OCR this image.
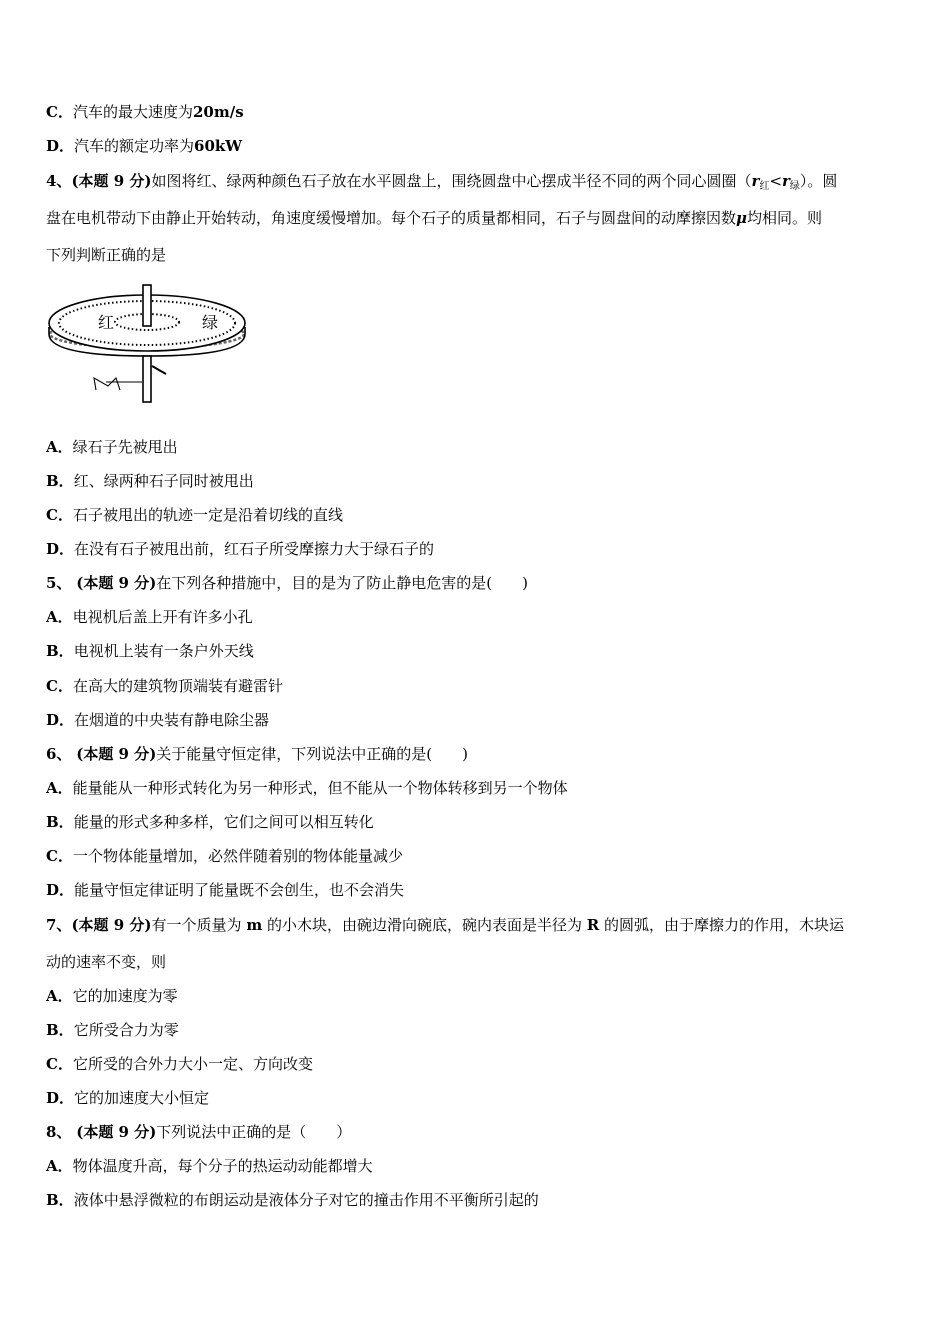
C．汽车的最大速度为20m/s
D．汽车的额定功率为60kW
4、(本题 9 分)如图将红、绿两种颜色石子放在水平圆盘上，围绕圆盘中心摆成半径不同的两个同心圆圈$(r_红<r_绿)$。圆
盘在电机带动下由静止开始转动，角速度缓慢增加。每个石子的质量都相同，石子与圆盘间的动摩擦因数μ均相同。则
下列判断正确的是
红	绿
A．绿石子先被甩出
B．红、绿两种石子同时被甩出
C．石子被甩出的轨迹一定是沿着切线的直线
D．在没有石子被甩出前，红石子所受摩擦力大于绿石子的
5、 (本题 9 分)在下列各种措施中，目的是为了防止静电危害的是(　　)
A．电视机后盖上开有许多小孔
B．电视机上装有一条户外天线
C．在高大的建筑物顶端装有避雷针
D．在烟道的中央装有静电除尘器
6、 (本题 9 分)关于能量守恒定律，下列说法中正确的是(　　)
A．能量能从一种形式转化为另一种形式，但不能从一个物体转移到另一个物体
B．能量的形式多种多样，它们之间可以相互转化
C．一个物体能量增加，必然伴随着别的物体能量减少
D．能量守恒定律证明了能量既不会创生，也不会消失
7、(本题 9 分)有一个质量为 m 的小木块，由碗边滑向碗底，碗内表面是半径为 R 的圆弧，由于摩擦力的作用，木块运
动的速率不变，则
A．它的加速度为零
B．它所受合力为零
C．它所受的合外力大小一定、方向改变
D．它的加速度大小恒定
8、 (本题 9 分)下列说法中正确的是（　　）
A．物体温度升高，每个分子的热运动动能都增大
B．液体中悬浮微粒的布朗运动是液体分子对它的撞击作用不平衡所引起的
